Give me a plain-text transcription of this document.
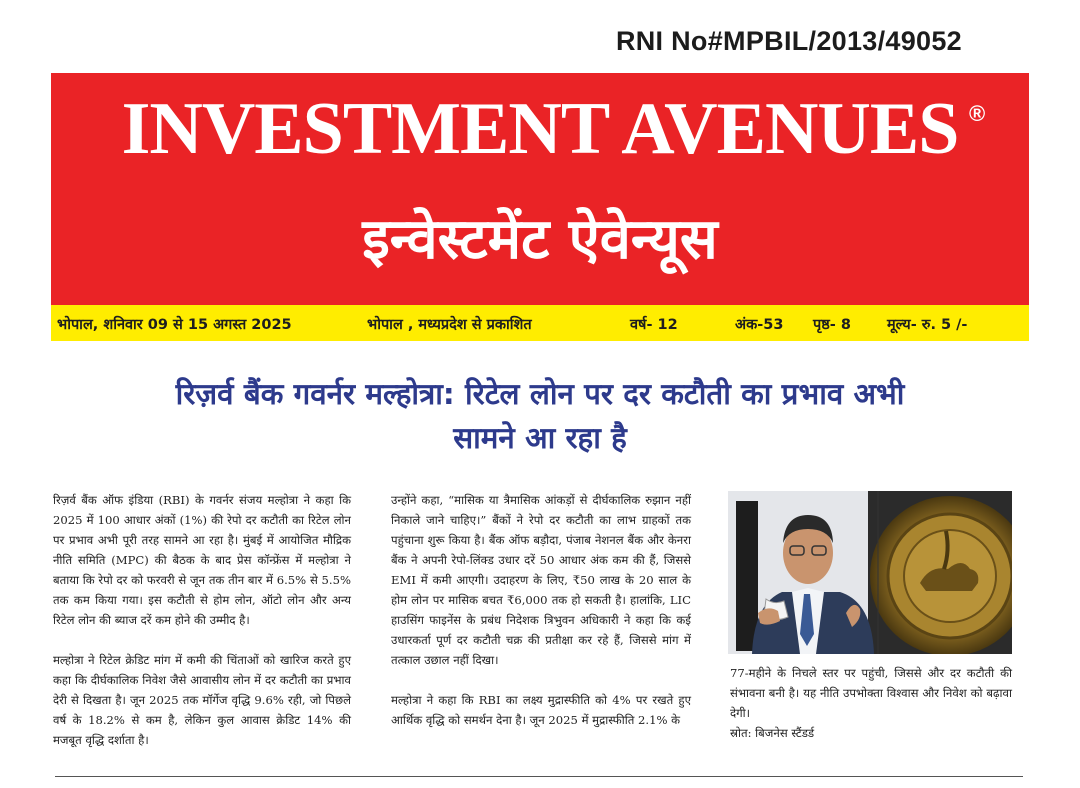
RNI No#MPBIL/2013/49052
INVESTMENT AVENUES ®
इन्वेस्टमेंट ऐवेन्यूस
भोपाल, शनिवार 09 से 15 अगस्त 2025	भोपाल , मध्यप्रदेश से प्रकाशित	वर्ष- 12	अंक-53 पृष्ठ- 8 मूल्य- रु. 5 /-
रिज़र्व बैंक गवर्नर मल्होत्रा: रिटेल लोन पर दर कटौती का प्रभाव अभी
सामने आ रहा है

रिज़र्व बैंक ऑफ इंडिया (RBI) के गवर्नर संजय मल्होत्रा ने कहा कि 2025 में 100 आधार अंकों (1%) की रेपो दर कटौती का रिटेल लोन पर प्रभाव अभी पूरी तरह सामने आ रहा है। मुंबई में आयोजित मौद्रिक नीति समिति (MPC) की बैठक के बाद प्रेस कॉन्फ्रेंस में मल्होत्रा ने बताया कि रेपो दर को फरवरी से जून तक तीन बार में 6.5% से 5.5% तक कम किया गया। इस कटौती से होम लोन, ऑटो लोन और अन्य रिटेल लोन की ब्याज दरें कम होने की उम्मीद है।

मल्होत्रा ने रिटेल क्रेडिट मांग में कमी की चिंताओं को खारिज करते हुए कहा कि दीर्घकालिक निवेश जैसे आवासीय लोन में दर कटौती का प्रभाव देरी से दिखता है। जून 2025 तक मॉर्गेज वृद्धि 9.6% रही, जो पिछले वर्ष के 18.2% से कम है, लेकिन कुल आवास क्रेडिट 14% की मजबूत वृद्धि दर्शाता है।

उन्होंने कहा, “मासिक या त्रैमासिक आंकड़ों से दीर्घकालिक रुझान नहीं निकाले जाने चाहिए।” बैंकों ने रेपो दर कटौती का लाभ ग्राहकों तक पहुंचाना शुरू किया है। बैंक ऑफ बड़ौदा, पंजाब नेशनल बैंक और केनरा बैंक ने अपनी रेपो-लिंक्ड उधार दरें 50 आधार अंक कम की हैं, जिससे EMI में कमी आएगी। उदाहरण के लिए, ₹50 लाख के 20 साल के होम लोन पर मासिक बचत ₹6,000 तक हो सकती है। हालांकि, LIC हाउसिंग फाइनेंस के प्रबंध निदेशक त्रिभुवन अधिकारी ने कहा कि कई उधारकर्ता पूर्ण दर कटौती चक्र की प्रतीक्षा कर रहे हैं, जिससे मांग में तत्काल उछाल नहीं दिखा।

मल्होत्रा ने कहा कि RBI का लक्ष्य मुद्रास्फीति को 4% पर रखते हुए आर्थिक वृद्धि को समर्थन देना है। जून 2025 में मुद्रास्फीति 2.1% के

77-महीने के निचले स्तर पर पहुंची, जिससे और दर कटौती की संभावना बनी है। यह नीति उपभोक्ता विश्वास और निवेश को बढ़ावा देगी।

स्रोत: बिजनेस स्टैंडर्ड
